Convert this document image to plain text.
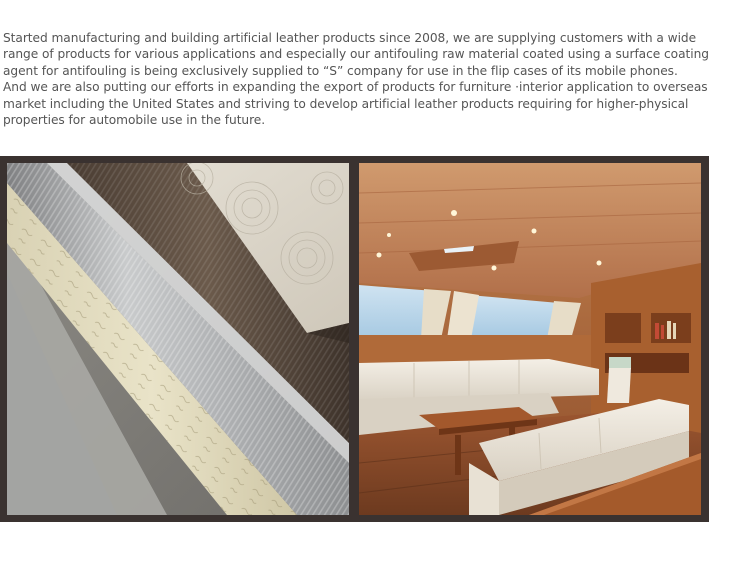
Started manufacturing and building artificial leather products since 2008, we are supplying customers with a wide
range of products for various applications and especially our antifouling raw material coated using a surface coating
agent for antifouling is being exclusively supplied to “S” company for use in the flip cases of its mobile phones.
And we are also putting our efforts in expanding the export of products for furniture ·interior application to overseas
market including the United States and striving to develop artificial leather products requiring for higher-physical
properties for automobile use in the future.
